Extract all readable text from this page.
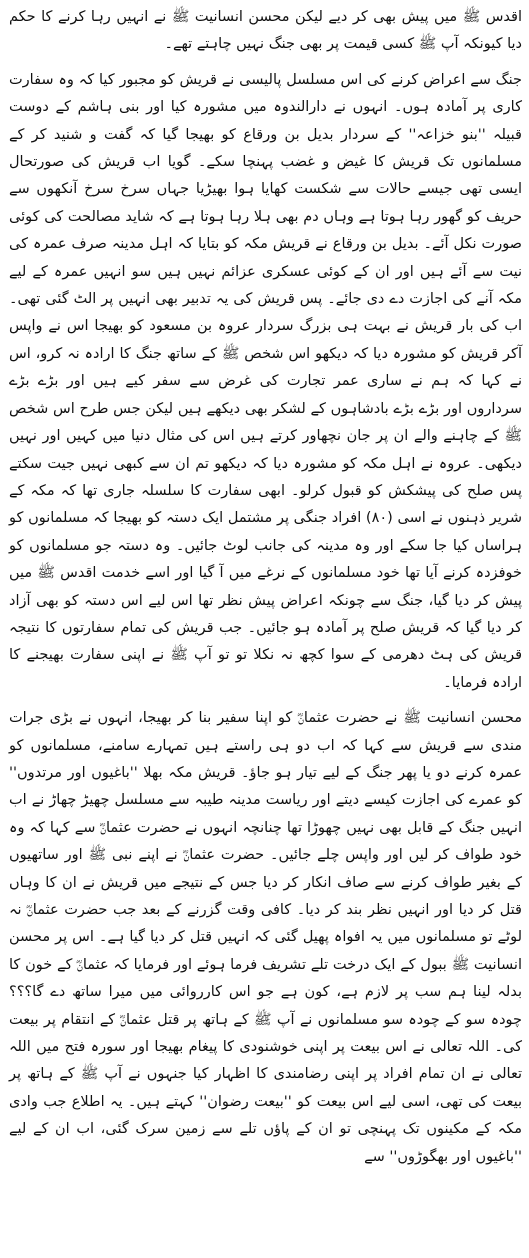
اقدس ﷺ میں پیش بھی کر دیے لیکن محسن انسانیت ﷺ نے انہیں رہا کرنے کا حکم دیا کیونکہ آپ ﷺ کسی قیمت پر بھی جنگ نہیں چاہتے تھے۔

جنگ سے اعراض کرنے کی اس مسلسل پالیسی نے قریش کو مجبور کیا کہ وہ سفارت کاری پر آمادہ ہوں۔ انہوں نے دارالندوہ میں مشورہ کیا اور بنی ہاشم کے دوست قبیلہ ''بنو خزاعہ'' کے سردار بدیل بن ورقاع کو بھیجا گیا کہ گفت و شنید کر کے مسلمانوں تک قریش کا غیض و غضب پہنچا سکے۔ گویا اب قریش کی صورتحال ایسی تھی جیسے حالات سے شکست کھایا ہوا بھیڑیا جہاں سرخ سرخ آنکھوں سے حریف کو گھور رہا ہوتا ہے وہاں دم بھی ہلا رہا ہوتا ہے کہ شاید مصالحت کی کوئی صورت نکل آئے۔ بدیل بن ورقاع نے قریش مکہ کو بتایا کہ اہل مدینہ صرف عمرہ کی نیت سے آئے ہیں اور ان کے کوئی عسکری عزائم نہیں ہیں سو انہیں عمرہ کے لیے مکہ آنے کی اجازت دے دی جائے۔ پس قریش کی یہ تدبیر بھی انہیں پر الٹ گئی تھی۔ اب کی بار قریش نے بہت ہی بزرگ سردار عروہ بن مسعود کو بھیجا اس نے واپس آکر قریش کو مشورہ دیا کہ دیکھو اس شخص ﷺ کے ساتھ جنگ کا ارادہ نہ کرو، اس نے کہا کہ ہم نے ساری عمر تجارت کی غرض سے سفر کیے ہیں اور بڑے بڑے سرداروں اور بڑے بڑے بادشاہوں کے لشکر بھی دیکھے ہیں لیکن جس طرح اس شخص ﷺ کے چاہنے والے ان پر جان نچھاور کرتے ہیں اس کی مثال دنیا میں کہیں اور نہیں دیکھی۔ عروہ نے اہل مکہ کو مشورہ دیا کہ دیکھو تم ان سے کبھی نہیں جیت سکتے پس صلح کی پیشکش کو قبول کرلو۔ ابھی سفارت کا سلسلہ جاری تھا کہ مکہ کے شریر ذہنوں نے اسی (۸۰) افراد جنگی پر مشتمل ایک دستہ کو بھیجا کہ مسلمانوں کو ہراساں کیا جا سکے اور وہ مدینہ کی جانب لوٹ جائیں۔ وہ دستہ جو مسلمانوں کو خوفزدہ کرنے آیا تھا خود مسلمانوں کے نرغے میں آ گیا اور اسے خدمت اقدس ﷺ میں پیش کر دیا گیا، جنگ سے چونکہ اعراض پیش نظر تھا اس لیے اس دستہ کو بھی آزاد کر دیا گیا کہ قریش صلح پر آمادہ ہو جائیں۔ جب قریش کی تمام سفارتوں کا نتیجہ قریش کی ہٹ دھرمی کے سوا کچھ نہ نکلا تو تو آپ ﷺ نے اپنی سفارت بھیجنے کا ارادہ فرمایا۔

محسن انسانیت ﷺ نے حضرت عثمانؓ کو اپنا سفیر بنا کر بھیجا، انہوں نے بڑی جرات مندی سے قریش سے کہا کہ اب دو ہی راستے ہیں تمہارے سامنے، مسلمانوں کو عمرہ کرنے دو یا پھر جنگ کے لیے تیار ہو جاؤ۔ قریش مکہ بھلا ''باغیوں اور مرتدوں'' کو عمرے کی اجازت کیسے دیتے اور ریاست مدینہ طیبہ سے مسلسل چھیڑ چھاڑ نے اب انہیں جنگ کے قابل بھی نہیں چھوڑا تھا چنانچہ انہوں نے حضرت عثمانؓ سے کہا کہ وہ خود طواف کر لیں اور واپس چلے جائیں۔ حضرت عثمانؓ نے اپنے نبی ﷺ اور ساتھیوں کے بغیر طواف کرنے سے صاف انکار کر دیا جس کے نتیجے میں قریش نے ان کا وہاں قتل کر دیا اور انہیں نظر بند کر دیا۔ کافی وقت گزرنے کے بعد جب حضرت عثمانؓ نہ لوٹے تو مسلمانوں میں یہ افواہ پھیل گئی کہ انہیں قتل کر دیا گیا ہے۔ اس پر محسن انسانیت ﷺ ببول کے ایک درخت تلے تشریف فرما ہوئے اور فرمایا کہ عثمانؓ کے خون کا بدلہ لینا ہم سب پر لازم ہے، کون ہے جو اس کارروائی میں میرا ساتھ دے گا؟؟؟ چودہ سو کے چودہ سو مسلمانوں نے آپ ﷺ کے ہاتھ پر قتل عثمانؓ کے انتقام پر بیعت کی۔ اللہ تعالی نے اس بیعت پر اپنی خوشنودی کا پیغام بھیجا اور سورہ فتح میں اللہ تعالی نے ان تمام افراد پر اپنی رضامندی کا اظہار کیا جنہوں نے آپ ﷺ کے ہاتھ پر بیعت کی تھی، اسی لیے اس بیعت کو ''بیعت رضوان'' کہتے ہیں۔ یہ اطلاع جب وادی مکہ کے مکینوں تک پہنچی تو ان کے پاؤں تلے سے زمین سرک گئی، اب ان کے لیے ''باغیوں اور بھگوڑوں'' سے
